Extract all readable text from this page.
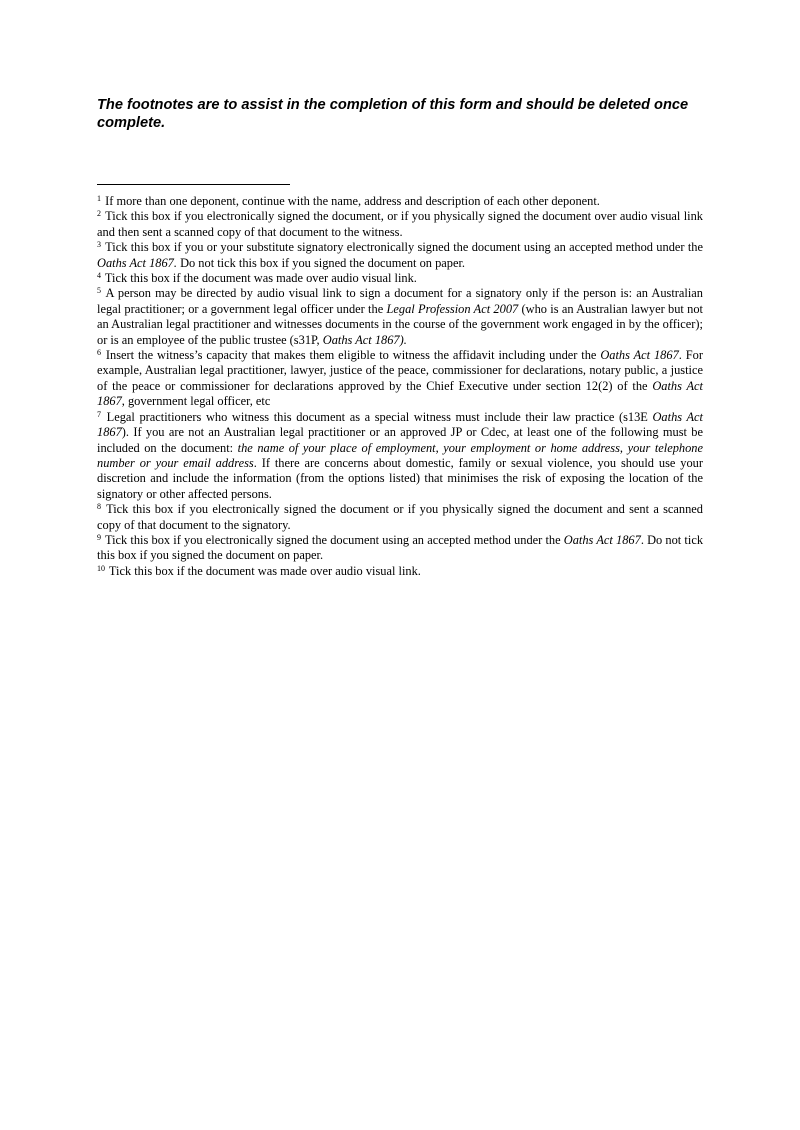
The footnotes are to assist in the completion of this form and should be deleted once complete.
$^1$ If more than one deponent, continue with the name, address and description of each other deponent.
$^2$ Tick this box if you electronically signed the document, or if you physically signed the document over audio visual link and then sent a scanned copy of that document to the witness.
$^3$ Tick this box if you or your substitute signatory electronically signed the document using an accepted method under the Oaths Act 1867. Do not tick this box if you signed the document on paper.
$^4$ Tick this box if the document was made over audio visual link.
$^5$ A person may be directed by audio visual link to sign a document for a signatory only if the person is: an Australian legal practitioner; or a government legal officer under the Legal Profession Act 2007 (who is an Australian lawyer but not an Australian legal practitioner and witnesses documents in the course of the government work engaged in by the officer); or is an employee of the public trustee (s31P, Oaths Act 1867).
$^6$ Insert the witness’s capacity that makes them eligible to witness the affidavit including under the Oaths Act 1867. For example, Australian legal practitioner, lawyer, justice of the peace, commissioner for declarations, notary public, a justice of the peace or commissioner for declarations approved by the Chief Executive under section 12(2) of the Oaths Act 1867, government legal officer, etc
$^7$ Legal practitioners who witness this document as a special witness must include their law practice (s13E Oaths Act 1867). If you are not an Australian legal practitioner or an approved JP or Cdec, at least one of the following must be included on the document: the name of your place of employment, your employment or home address, your telephone number or your email address. If there are concerns about domestic, family or sexual violence, you should use your discretion and include the information (from the options listed) that minimises the risk of exposing the location of the signatory or other affected persons.
$^8$ Tick this box if you electronically signed the document or if you physically signed the document and sent a scanned copy of that document to the signatory.
$^9$ Tick this box if you electronically signed the document using an accepted method under the Oaths Act 1867. Do not tick this box if you signed the document on paper.
$^{10}$ Tick this box if the document was made over audio visual link.
